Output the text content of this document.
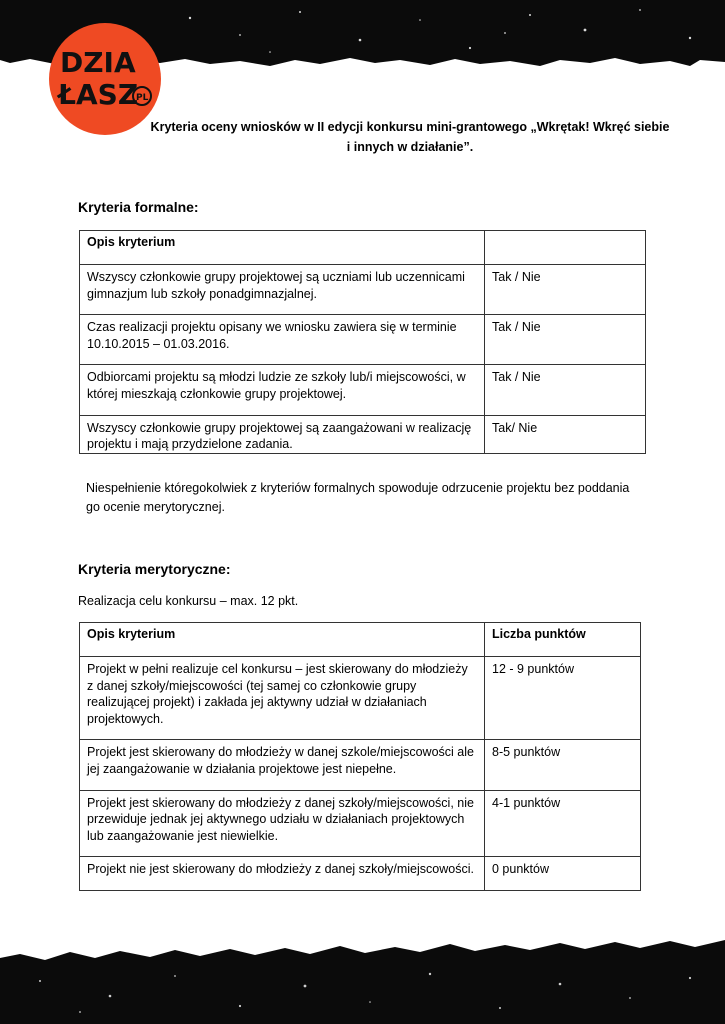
DZIA
ŁASZ
PL
Kryteria oceny wniosków w II edycji konkursu mini-grantowego „Wkrętak! Wkręć siebie i innych w działanie”.
Kryteria formalne:
Opis kryterium	
Wszyscy członkowie grupy projektowej są uczniami lub uczennicami gimnazjum lub szkoły ponadgimnazjalnej.	Tak / Nie
Czas realizacji projektu opisany we wniosku zawiera się w terminie 10.10.2015 – 01.03.2016.	Tak / Nie
Odbiorcami projektu są młodzi ludzie ze szkoły lub/i miejscowości, w której mieszkają członkowie grupy projektowej.	Tak / Nie
Wszyscy członkowie grupy projektowej są zaangażowani w realizację projektu i mają przydzielone zadania.	Tak/ Nie
Niespełnienie któregokolwiek z kryteriów formalnych spowoduje odrzucenie projektu bez poddania go ocenie merytorycznej.
Kryteria merytoryczne:
Realizacja celu konkursu – max. 12 pkt.
Opis kryterium	Liczba punktów
Projekt w pełni realizuje cel konkursu – jest skierowany do młodzieży z danej szkoły/miejscowości (tej samej co członkowie grupy realizującej projekt) i zakłada jej aktywny udział w działaniach projektowych.	12 - 9 punktów
Projekt jest skierowany do młodzieży w danej szkole/miejscowości ale jej zaangażowanie w działania projektowe jest niepełne.	8-5 punktów
Projekt jest skierowany do młodzieży z danej szkoły/miejscowości, nie przewiduje jednak jej aktywnego udziału w działaniach projektowych lub zaangażowanie jest niewielkie.	4-1 punktów
Projekt nie jest skierowany do młodzieży z danej szkoły/miejscowości.	0 punktów
